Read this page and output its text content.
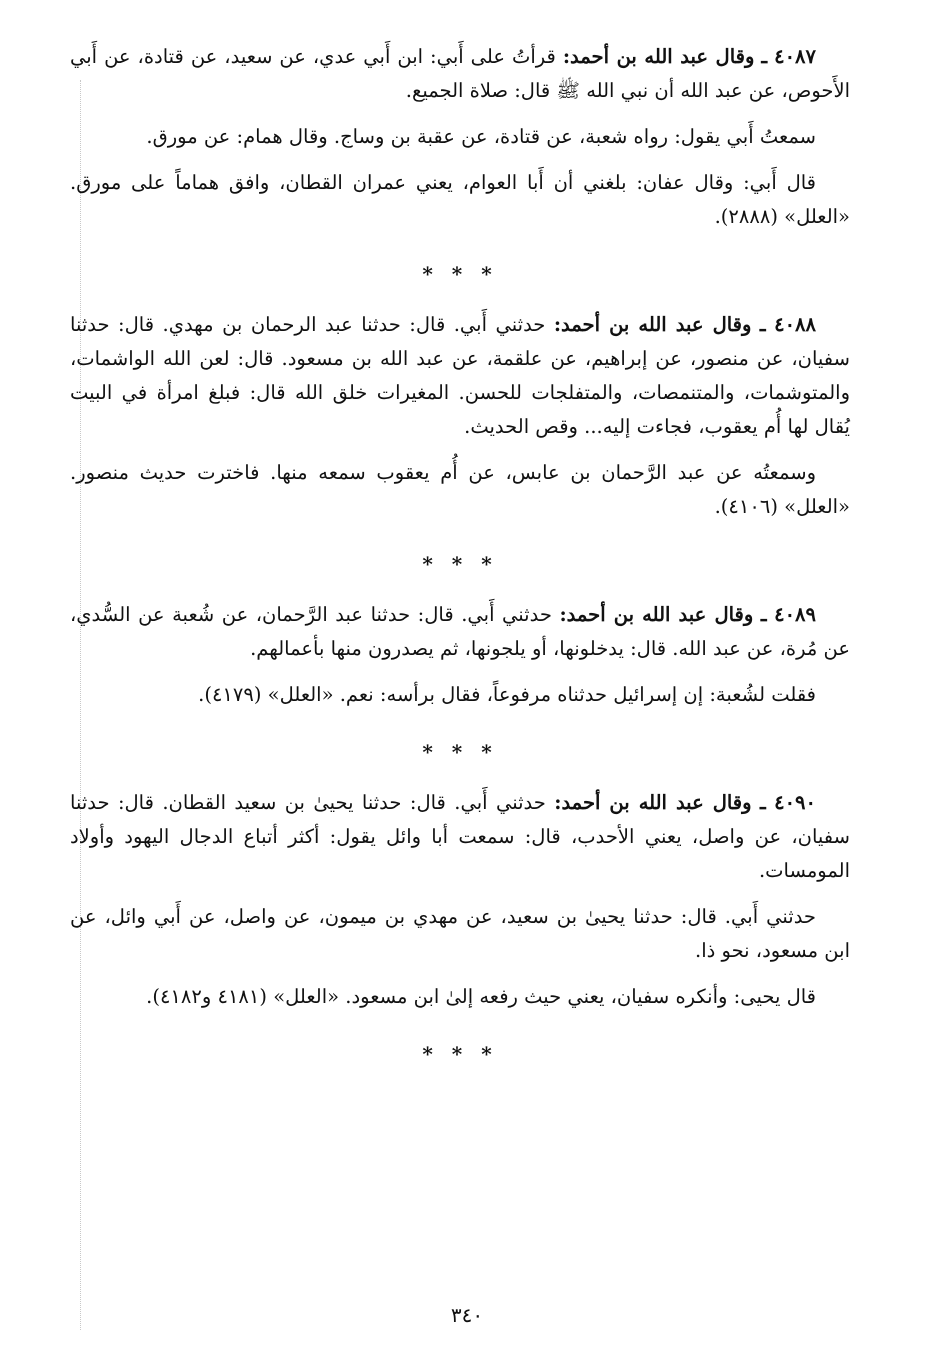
٤٠٨٧ ـ وقال عبد الله بن أحمد: قرأتُ على أَبي: ابن أَبي عدي، عن سعيد، عن قتادة، عن أَبي الأَحوص، عن عبد الله أن نبي الله ﷺ قال: صلاة الجميع.

سمعتُ أَبي يقول: رواه شعبة، عن قتادة، عن عقبة بن وساج. وقال همام: عن مورق.

قال أَبي: وقال عفان: بلغني أن أَبا العوام، يعني عمران القطان، وافق هماماً على مورق. «العلل» (٢٨٨٨).

* * *

٤٠٨٨ ـ وقال عبد الله بن أحمد: حدثني أَبي. قال: حدثنا عبد الرحمان بن مهدي. قال: حدثنا سفيان، عن منصور، عن إبراهيم، عن علقمة، عن عبد الله بن مسعود. قال: لعن الله الواشمات، والمتوشمات، والمتنمصات، والمتفلجات للحسن. المغيرات خلق الله قال: فبلغ امرأة في البيت يُقال لها أُم يعقوب، فجاءت إليه... وقص الحديث.

وسمعتُه عن عبد الرَّحمان بن عابس، عن أُم يعقوب سمعه منها. فاخترت حديث منصور. «العلل» (٤١٠٦).

* * *

٤٠٨٩ ـ وقال عبد الله بن أحمد: حدثني أَبي. قال: حدثنا عبد الرَّحمان، عن شُعبة عن السُّدي، عن مُرة، عن عبد الله. قال: يدخلونها، أو يلجونها، ثم يصدرون منها بأعمالهم.

فقلت لشُعبة: إن إسرائيل حدثناه مرفوعاً، فقال برأسه: نعم. «العلل» (٤١٧٩).

* * *

٤٠٩٠ ـ وقال عبد الله بن أحمد: حدثني أَبي. قال: حدثنا يحيىٰ بن سعيد القطان. قال: حدثنا سفيان، عن واصل، يعني الأحدب، قال: سمعت أبا وائل يقول: أكثر أتباع الدجال اليهود وأولاد المومسات.

حدثني أَبي. قال: حدثنا يحيىٰ بن سعيد، عن مهدي بن ميمون، عن واصل، عن أَبي وائل، عن ابن مسعود، نحو ذا.

قال يحيى: وأنكره سفيان، يعني حيث رفعه إلىٰ ابن مسعود. «العلل» (٤١٨١ و٤١٨٢).

* * *
٣٤٠
